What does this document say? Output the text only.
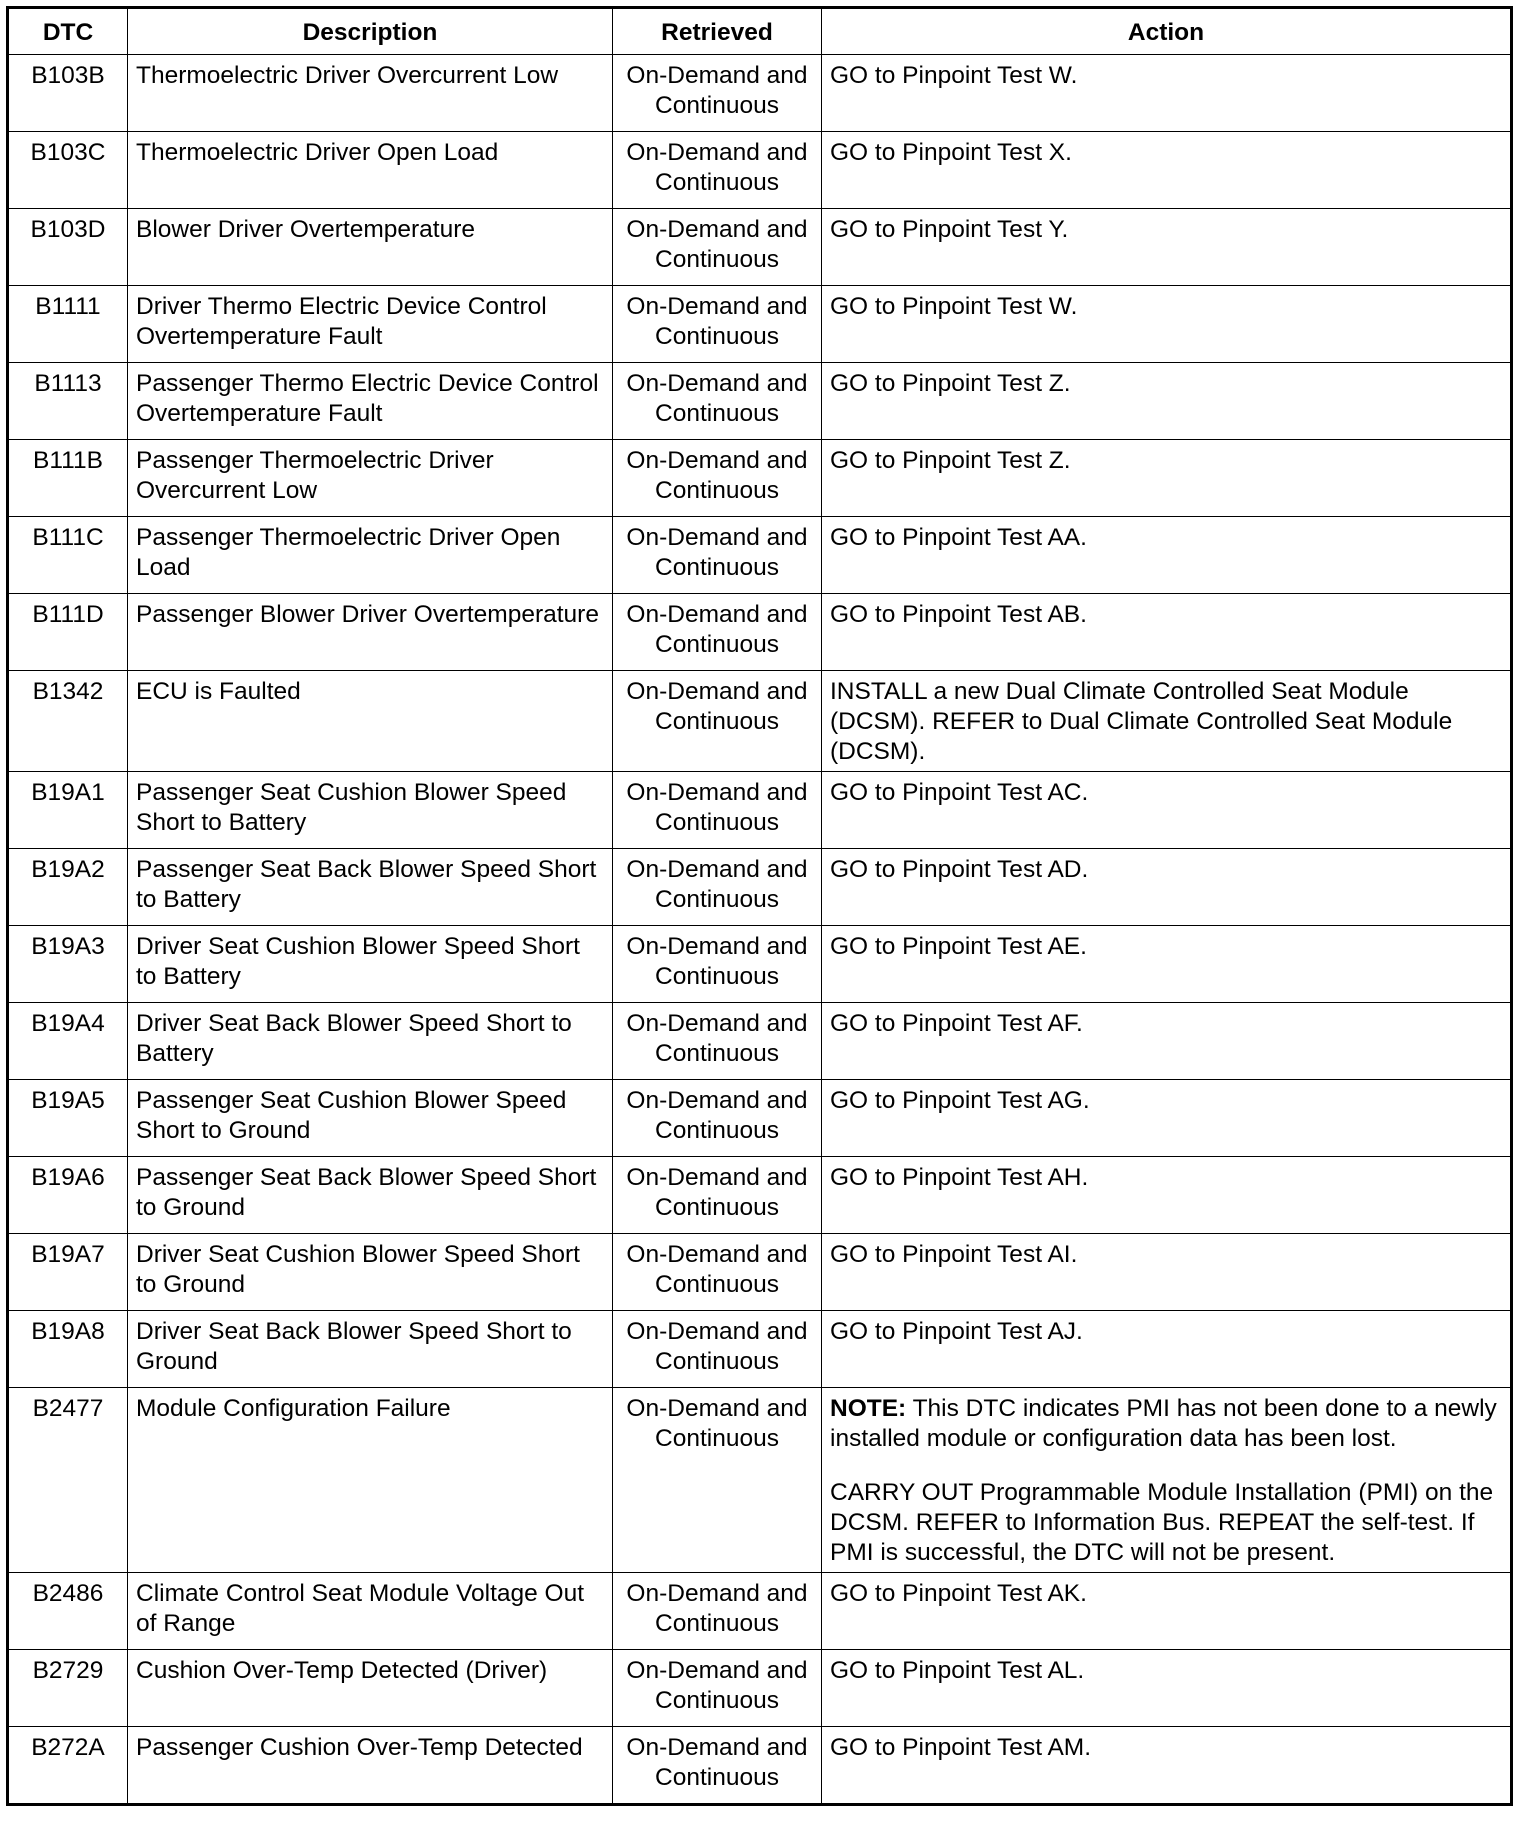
DTC	Description	Retrieved	Action
B103B	Thermoelectric Driver Overcurrent Low	On-Demand and Continuous	GO to Pinpoint Test W.
B103C	Thermoelectric Driver Open Load	On-Demand and Continuous	GO to Pinpoint Test X.
B103D	Blower Driver Overtemperature	On-Demand and Continuous	GO to Pinpoint Test Y.
B1111	Driver Thermo Electric Device Control Overtemperature Fault	On-Demand and Continuous	GO to Pinpoint Test W.
B1113	Passenger Thermo Electric Device Control Overtemperature Fault	On-Demand and Continuous	GO to Pinpoint Test Z.
B111B	Passenger Thermoelectric Driver Overcurrent Low	On-Demand and Continuous	GO to Pinpoint Test Z.
B111C	Passenger Thermoelectric Driver Open Load	On-Demand and Continuous	GO to Pinpoint Test AA.
B111D	Passenger Blower Driver Overtemperature	On-Demand and Continuous	GO to Pinpoint Test AB.
B1342	ECU is Faulted	On-Demand and Continuous	INSTALL a new Dual Climate Controlled Seat Module (DCSM). REFER to Dual Climate Controlled Seat Module (DCSM).
B19A1	Passenger Seat Cushion Blower Speed Short to Battery	On-Demand and Continuous	GO to Pinpoint Test AC.
B19A2	Passenger Seat Back Blower Speed Short to Battery	On-Demand and Continuous	GO to Pinpoint Test AD.
B19A3	Driver Seat Cushion Blower Speed Short to Battery	On-Demand and Continuous	GO to Pinpoint Test AE.
B19A4	Driver Seat Back Blower Speed Short to Battery	On-Demand and Continuous	GO to Pinpoint Test AF.
B19A5	Passenger Seat Cushion Blower Speed Short to Ground	On-Demand and Continuous	GO to Pinpoint Test AG.
B19A6	Passenger Seat Back Blower Speed Short to Ground	On-Demand and Continuous	GO to Pinpoint Test AH.
B19A7	Driver Seat Cushion Blower Speed Short to Ground	On-Demand and Continuous	GO to Pinpoint Test AI.
B19A8	Driver Seat Back Blower Speed Short to Ground	On-Demand and Continuous	GO to Pinpoint Test AJ.
B2477	Module Configuration Failure	On-Demand and Continuous	NOTE: This DTC indicates PMI has not been done to a newly installed module or configuration data has been lost.
CARRY OUT Programmable Module Installation (PMI) on the DCSM. REFER to Information Bus. REPEAT the self-test. If PMI is successful, the DTC will not be present.

B2486	Climate Control Seat Module Voltage Out of Range	On-Demand and Continuous	GO to Pinpoint Test AK.
B2729	Cushion Over-Temp Detected (Driver)	On-Demand and Continuous	GO to Pinpoint Test AL.
B272A	Passenger Cushion Over-Temp Detected	On-Demand and Continuous	GO to Pinpoint Test AM.
